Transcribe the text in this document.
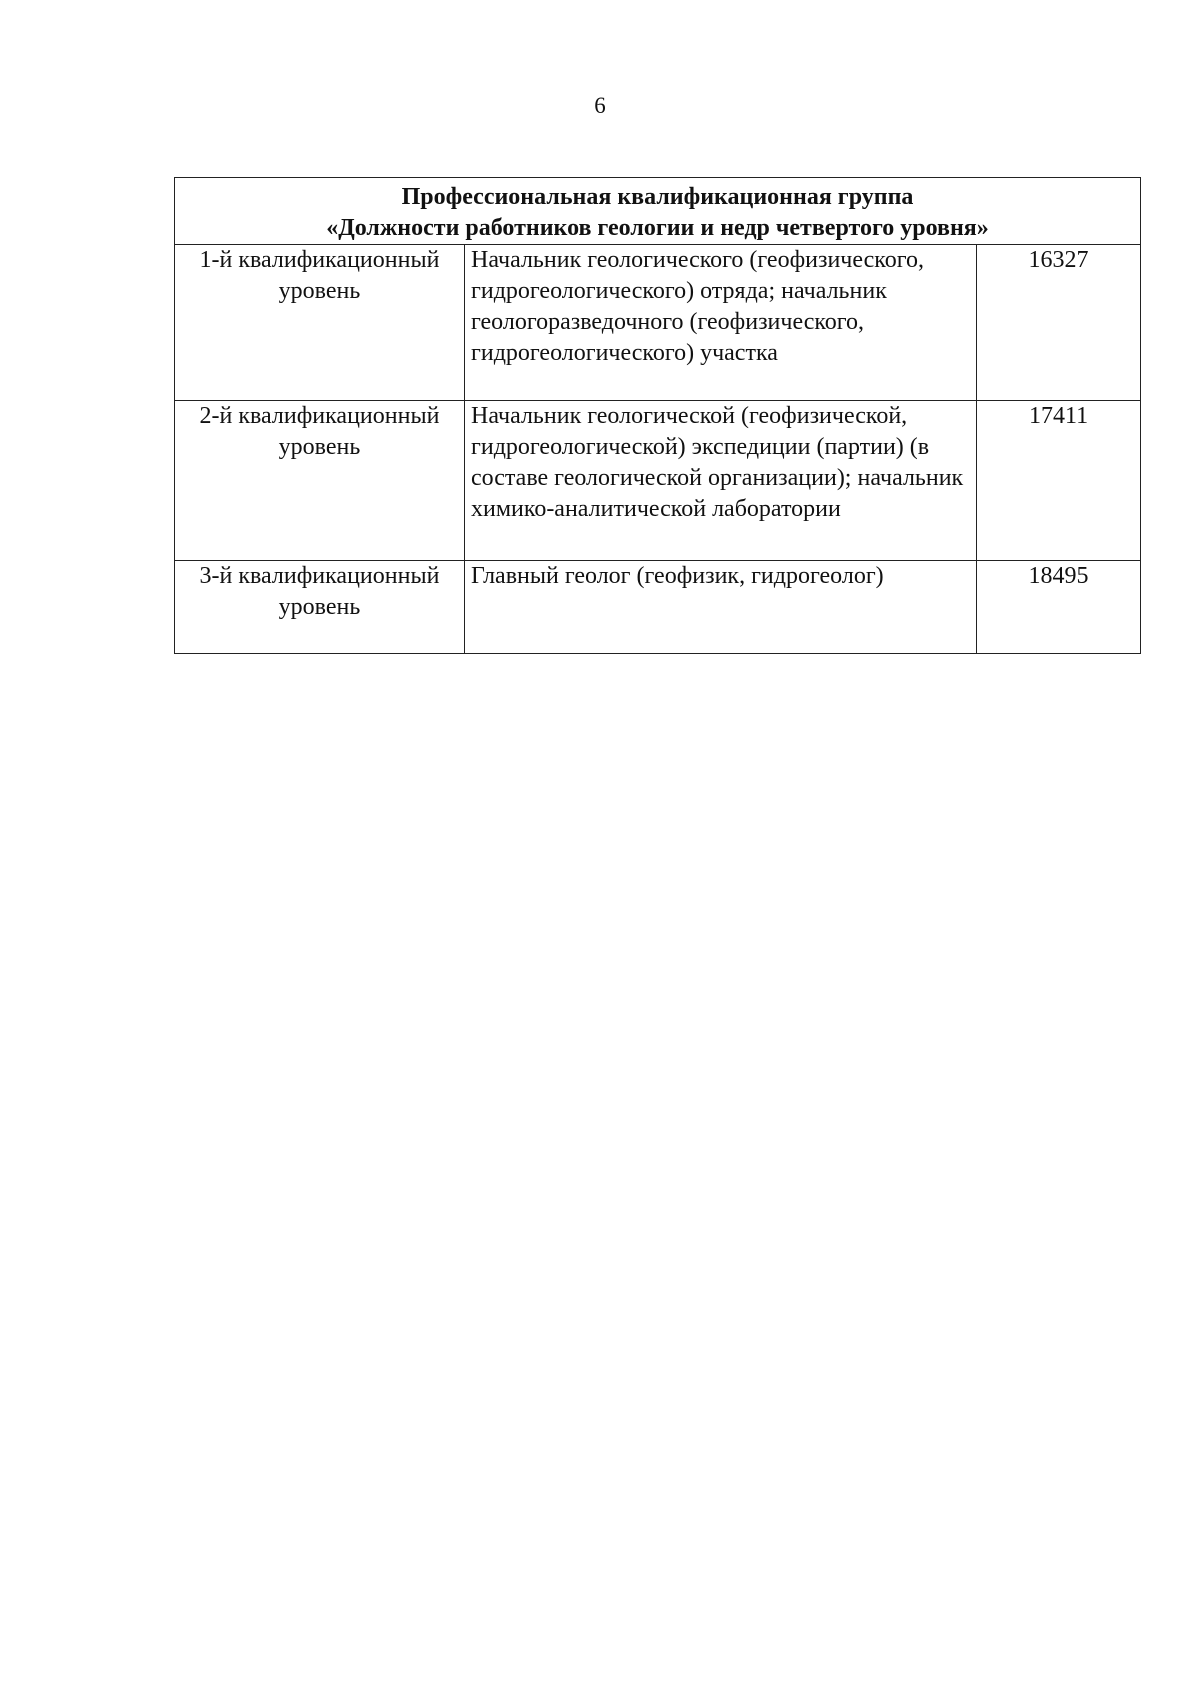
6
Профессиональная квалификационная группа
«Должности работников геологии и недр четвертого уровня»		

1-й квалификационный уровень	Начальник геологического (геофизического, гидрогеологического) отряда; начальник геологоразведочного (геофизического, гидрогеологического) участка	16327

2-й квалификационный уровень	Начальник геологической (геофизической, гидрогеологической) экспедиции (партии) (в составе геологической организации); начальник химико-аналитической лаборатории	17411

3-й квалификационный уровень	Главный геолог (геофизик, гидрогеолог)	18495
